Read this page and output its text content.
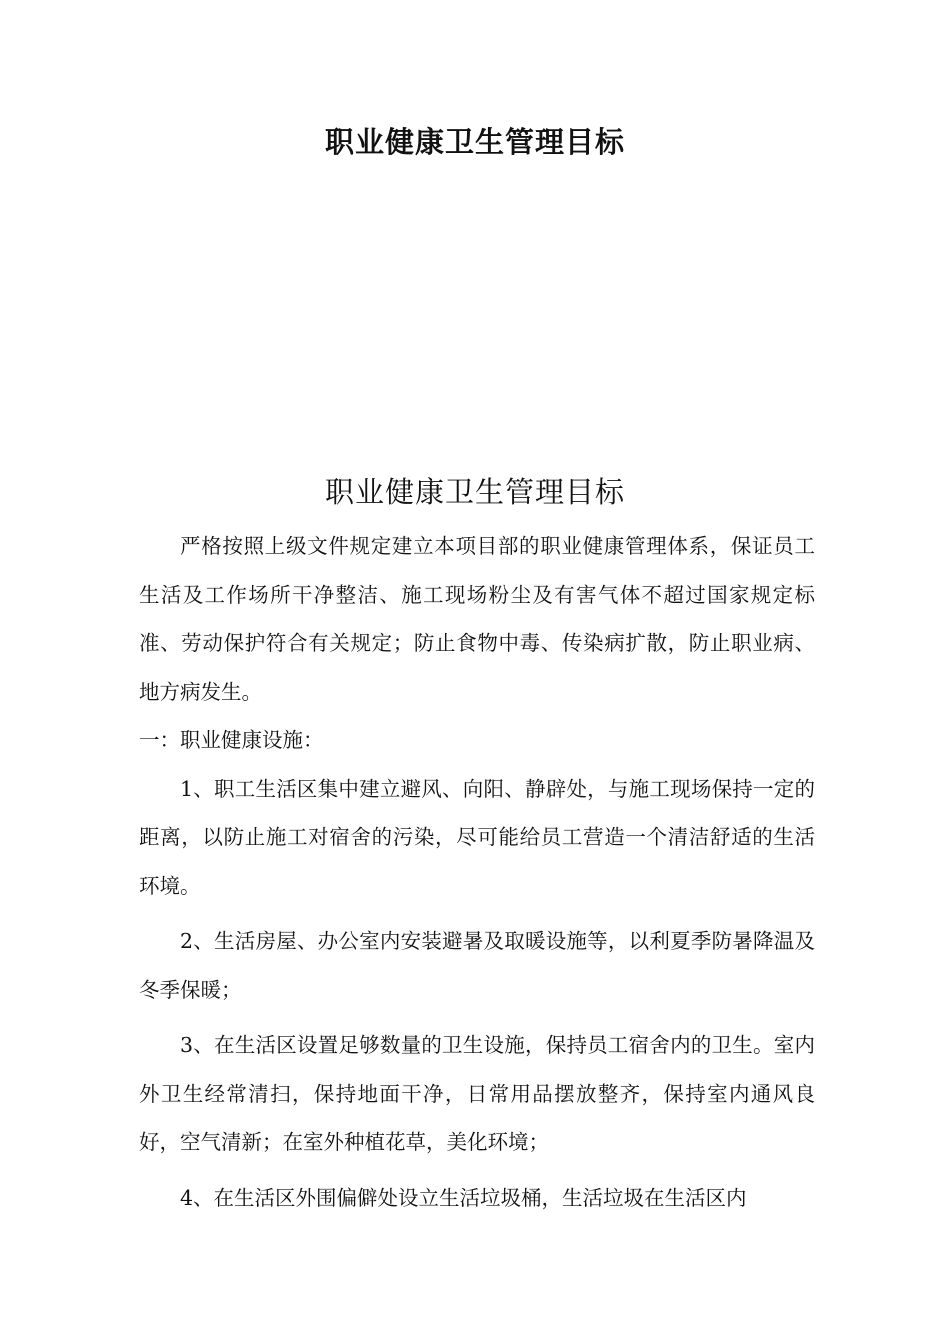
职业健康卫生管理目标
职业健康卫生管理目标

严格按照上级文件规定建立本项目部的职业健康管理体系，保证员工生活及工作场所干净整洁、施工现场粉尘及有害气体不超过国家规定标准、劳动保护符合有关规定；防止食物中毒、传染病扩散，防止职业病、地方病发生。

一：职业健康设施：

1、职工生活区集中建立避风、向阳、静辟处，与施工现场保持一定的距离，以防止施工对宿舍的污染，尽可能给员工营造一个清洁舒适的生活环境。

2、生活房屋、办公室内安装避暑及取暖设施等，以利夏季防暑降温及冬季保暖；

3、在生活区设置足够数量的卫生设施，保持员工宿舍内的卫生。室内外卫生经常清扫，保持地面干净，日常用品摆放整齐，保持室内通风良好，空气清新；在室外种植花草，美化环境；

4、在生活区外围偏僻处设立生活垃圾桶，生活垃圾在生活区内
